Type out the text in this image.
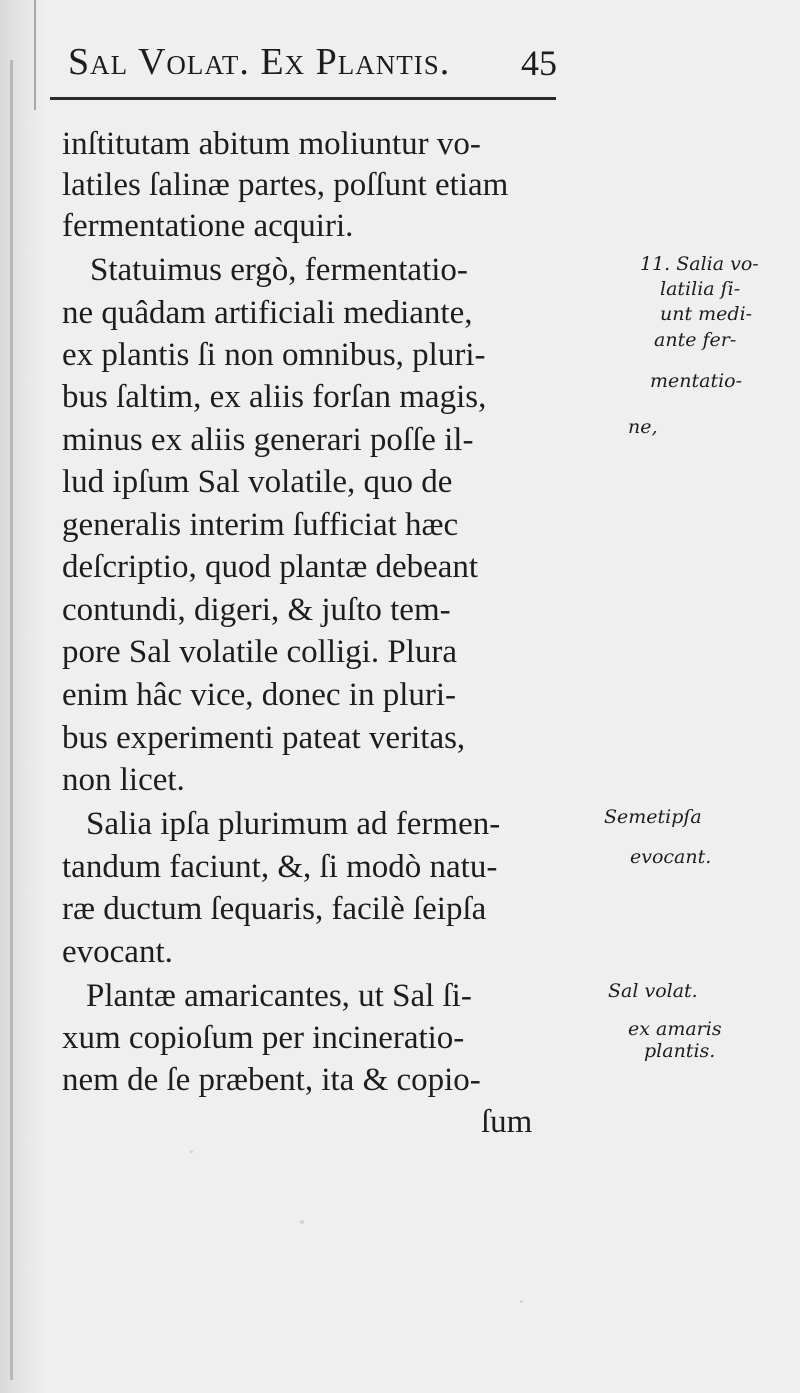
Sal Volat. Ex Plantis. 45
inſtitutam abitum moliuntur vo-
latiles ſalinæ partes, poſſunt etiam
fermentatione acquiri.
Statuimus ergò, fermentatio-
ne quâdam artificiali mediante,
ex plantis ſi non omnibus, pluri-
bus ſaltim, ex aliis forſan magis,
minus ex aliis generari poſſe il-
lud ipſum Sal volatile, quo de
generalis interim ſufficiat hæc
deſcriptio, quod plantæ debeant
contundi, digeri, & juſto tem-
pore Sal volatile colligi. Plura
enim hâc vice, donec in pluri-
bus experimenti pateat veritas,
non licet.
Salia ipſa plurimum ad fermen-
tandum faciunt, &, ſi modò natu-
ræ ductum ſequaris, facilè ſeipſa
evocant.
Plantæ amaricantes, ut Sal ſi-
xum copioſum per incineratio-
nem de ſe præbent, ita & copio-
ſum
11. Salia vo-
latilia ſi-
unt medi-
ante fer-
mentatio-
ne,
Semetipſa
evocant.
Sal volat.
ex amaris
plantis.
